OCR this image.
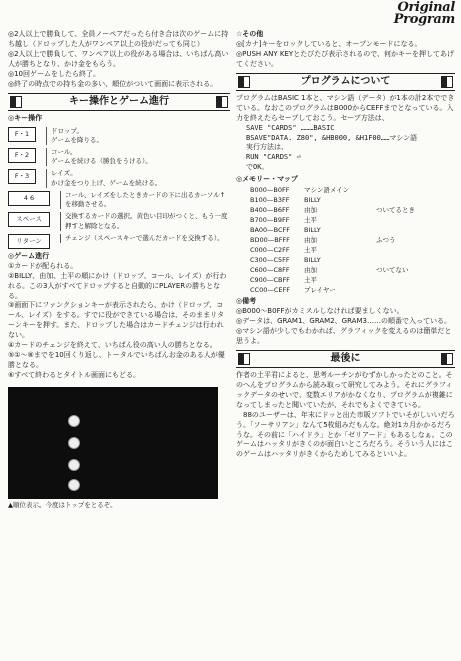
Original
Program

◎2人以上で勝負して、全員ノーペアだったら付き合は次のゲームに持ち越し（ドロップした人がワンペア以上の役がだっても同じ）

◎2人以上で勝負して、ワンペア以上の役がある場合は、いちばん高い人が勝ちとなり、かけ金をもらう。

◎10回ゲームをしたら終了。

◎終了の時点での持ち金の多い、順位がついて画面に表示される。

キー操作とゲーム進行
◎キー操作
F・1	ドロップ。
ゲームを降りる。
F・2	コール。
ゲームを続ける（勝負をうける）。
F・3	レイズ。
かけ金をつり上げ、ゲームを続ける。
4 6	コール、レイズをしたときカードの下に出るカーソル↑を移動させる。
スペース	交換するカードの選択。黄色い目印がつくと、もう一度押すと解除となる。
リターン	チェンジ（スペースキーで選んだカードを交換する）。
◎ゲーム進行

①カードが配られる。

②BILLY、由加、土平の順にかけ（ドロップ、コール、レイズ）が行われる。この3人がすべてドロップすると自動的にPLAYERの勝ちとなる。

③画面下にファンクションキーが表示されたら、かけ（ドロップ、コール、レイズ）をする。すでに役ができている場合は、そのままリターンキーを押す。また、ドロップした場合はカードチェンジは行われない。

④カードのチェンジを終えて、いちばん役の高い人の勝ちとなる。

⑤①〜⑧までを10回くり返し、トータルでいちばんお金のある人が優勝となる。

⑥すべて終わるとタイトル画面にもどる。

▲順位表示。今度はトップをとるぞ。
☆その他

◎[カナ]キーをロックしていると、オープンモードになる。

◎PUSH ANY KEYとたびたび表示されるので、何かキーを押してあげてください。

プログラムについて

プログラムはBASIC 1本と、マシン語（データ）が1本の計2本でできている。なおこのプログラムはB000からCEFFまでとなっている。入力を終えたらセーブしておこう。セーブ方法は、

SAVE "CARDS" ………BASIC
BSAVE"DATA. Z80", &HB000, &H1F00……マシン語
実行方法は、
RUN "CARDS" ⏎
でOK。
◎メモリー・マップ
B000—B0FF	マシン語メイン
B100—B3FF	BILLY
B400—B6FF	由加	ついてるとき
B700—B9FF	土平
BA00—BCFF	BILLY
BD00—BFFF	由加	ふつう
C000—C2FF	土平
C300—C5FF	BILLY
C600—C8FF	由加	ついてない
C900—CBFF	土平
CC00—CEFF	プレイヤー
◎備考

◎B000〜B0FFがカミスルしなければ要ましくない。

◎データは、GRAM1、GRAM2、GRAM3……の順番で入っている。

◎マシン語が少しでもわかれば、グラフィックを変えるのは簡単だと思うよ。

最後に

作者の土平君によると、思考ルーチンがむずかしかったとのこと。そのへんをプログラムから読み取って研究してみよう。それにグラフィックデータのせいで、変数エリアがかなくなり、プログラムが複雑になってしまったと聞いていたが、それでもよくできている。
　88のユーザーは、年末にドッと出た市販ソフトでいそがしいいだろう。「ソーサリアン」なんて5枚組みだもんな。絶対1カ月かかるだろうな。その前に「ハイドラ」とか「ゼリアード」もあるしなぁ。このゲームはハッタリがきくのが面白いところだろう。そういう人にはこのゲームはハッタリがきくからためしてみるといいよ。
